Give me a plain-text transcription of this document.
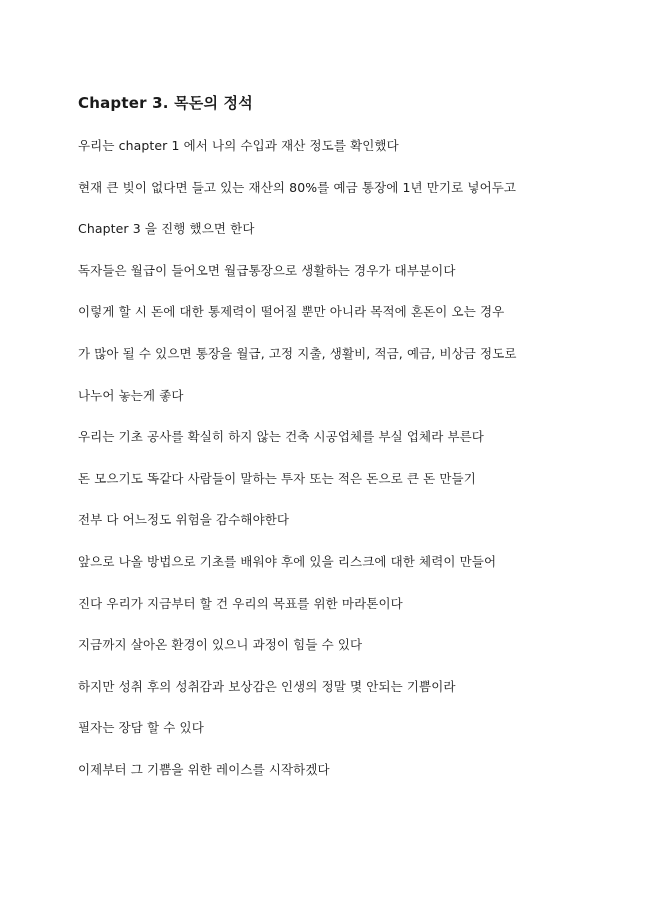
Chapter 3. 목돈의 정석
우리는 chapter 1 에서 나의 수입과 재산 정도를 확인했다
현재 큰 빚이 없다면 들고 있는 재산의 80%를 예금 통장에 1년 만기로 넣어두고
Chapter 3 을 진행 했으면 한다
독자들은 월급이 들어오면 월급통장으로 생활하는 경우가 대부분이다
이렇게 할 시 돈에 대한 통제력이 떨어질 뿐만 아니라 목적에 혼돈이 오는 경우
가 많아 될 수 있으면 통장을 월급, 고정 지출, 생활비, 적금, 예금, 비상금 정도로
나누어 놓는게 좋다
우리는 기초 공사를 확실히 하지 않는 건축 시공업체를 부실 업체라 부른다
돈 모으기도 똑같다 사람들이 말하는 투자 또는 적은 돈으로 큰 돈 만들기
전부 다 어느정도 위험을 감수해야한다
앞으로 나올 방법으로 기초를 배워야 후에 있을 리스크에 대한 체력이 만들어
진다 우리가 지금부터 할 건 우리의 목표를 위한 마라톤이다
지금까지 살아온 환경이 있으니 과정이 힘들 수 있다
하지만 성취 후의 성취감과 보상감은 인생의 정말 몇 안되는 기쁨이라
필자는 장담 할 수 있다
이제부터 그 기쁨을 위한 레이스를 시작하겠다
